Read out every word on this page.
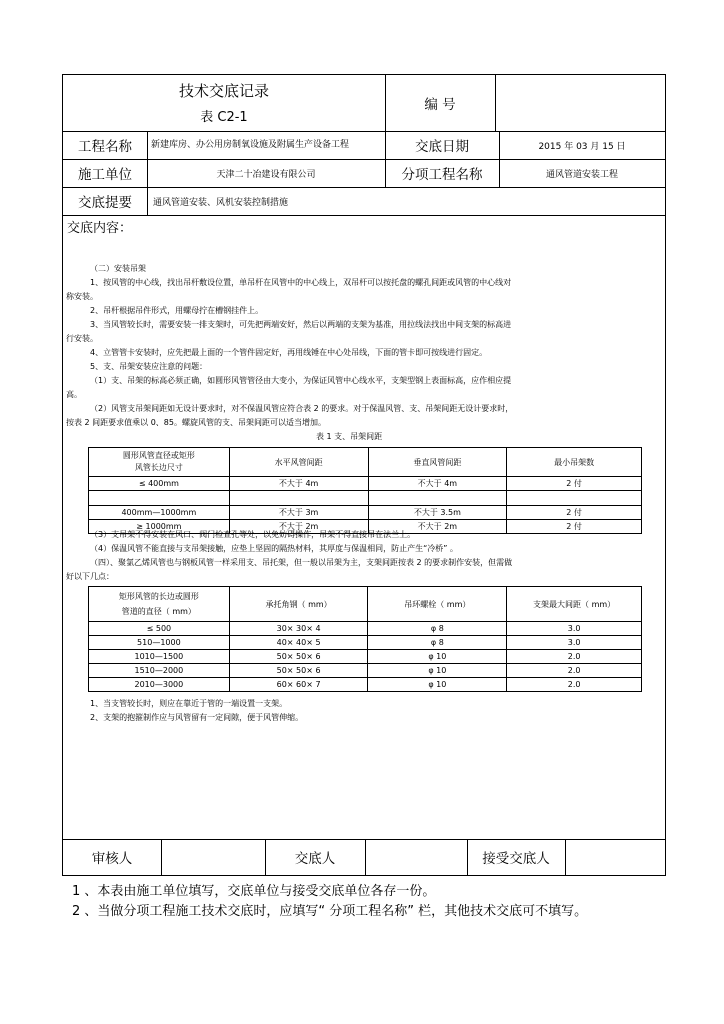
技术交底记录
表 C2-1
编 号
工程名称	新建库房、办公用房制氧设施及附属生产设备工程	交底日期	2015 年 03 月 15 日
施工单位	天津二十冶建设有限公司	分项工程名称	通风管道安装工程
交底提要	通风管道安装、风机安装控制措施
交底内容：
审核人	交底人	接受交底人

（二）安装吊架

1、按风管的中心线，找出吊杆敷设位置，单吊杆在风管中的中心线上，双吊杆可以按托盘的螺孔间距或风管的中心线对

称安装。

2、吊杆根据吊件形式，用螺母拧在槽钢挂件上。

3、当风管较长时，需要安装一排支架时，可先把两端安好，然后以两端的支架为基准，用拉线法找出中间支架的标高进

行安装。

4、立管管卡安装时，应先把最上面的一个管件固定好，再用线锤在中心处吊线，下面的管卡即可按线进行固定。

5、支、吊架安装应注意的问题：

（1）支、吊架的标高必须正确，如圆形风管管径由大变小，为保证风管中心线水平，支架型钢上表面标高，应作相应提

高。

（2）风管支吊架间距如无设计要求时，对不保温风管应符合表 2 的要求。对于保温风管、支、吊架间距无设计要求时，

按表 2 间距要求值乘以 0、85。螺旋风管的支、吊架间距可以适当增加。

表 1 支、吊架间距

圆形风管直径或矩形
风管长边尺寸	水平风管间距	垂直风管间距	最小吊架数
≤ 400mm	不大于 4m	不大于 4m	2 付

400mm—1000mm	不大于 3m	不大于 3.5m	2 付
≥ 1000mm	不大于 2m	不大于 2m	2 付

（3）支吊架不得安装在风口、阀门检查孔等处，以免妨碍操作，吊架不得直接吊在法兰上。

（4）保温风管不能直接与支吊架接触，应垫上坚固的隔热材料，其厚度与保温相同，防止产生“冷桥” 。

（四）、聚氯乙烯风管也与钢板风管一样采用支、吊托架，但一般以吊架为主，支架间距按表 2 的要求制作安装，但需做

好以下几点：

矩形风管的长边或圆形
管道的直径（ mm）	承托角钢（ mm）	吊环螺栓（ mm）	支架最大间距（ mm）
≤ 500	30× 30× 4	φ 8	3.0
510—1000	40× 40× 5	φ 8	3.0
1010—1500	50× 50× 6	φ 10	2.0
1510—2000	50× 50× 6	φ 10	2.0
2010—3000	60× 60× 7	φ 10	2.0

1、当支管较长时，则应在靠近于管的一端设置一支架。

2、支架的抱箍制作应与风管留有一定间隙，便于风管伸缩。

1 、本表由施工单位填写，交底单位与接受交底单位各存一份。
2 、当做分项工程施工技术交底时，应填写“ 分项工程名称” 栏，其他技术交底可不填写。
